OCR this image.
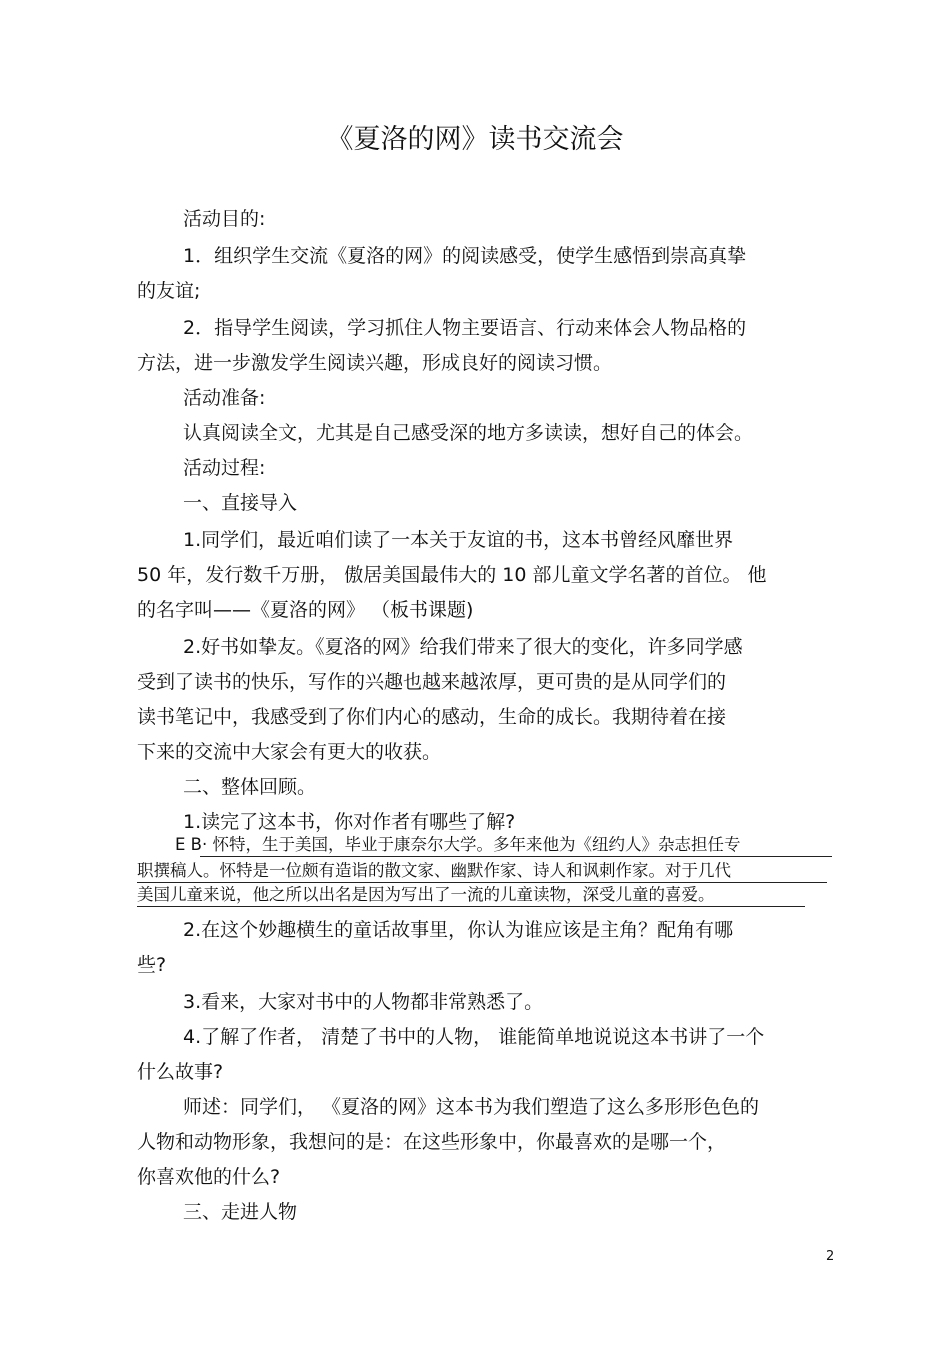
《夏洛的网》读书交流会
活动目的:
1．组织学生交流《夏洛的网》的阅读感受，使学生感悟到崇高真挚
的友谊;
2．指导学生阅读，学习抓住人物主要语言、行动来体会人物品格的
方法，进一步激发学生阅读兴趣，形成良好的阅读习惯。
活动准备:
认真阅读全文，尤其是自己感受深的地方多读读，想好自己的体会。
活动过程:
一、直接导入
1.同学们，最近咱们读了一本关于友谊的书，这本书曾经风靡世界
50 年，发行数千万册， 傲居美国最伟大的 10 部儿童文学名著的首位。 他
的名字叫——《夏洛的网》 （板书课题)
2.好书如挚友。《夏洛的网》给我们带来了很大的变化，许多同学感
受到了读书的快乐，写作的兴趣也越来越浓厚，更可贵的是从同学们的
读书笔记中，我感受到了你们内心的感动，生命的成长。我期待着在接
下来的交流中大家会有更大的收获。
二、整体回顾。
1.读完了这本书，你对作者有哪些了解?
E B· 怀特，生于美国，毕业于康奈尔大学。多年来他为《纽约人》杂志担任专
职撰稿人。怀特是一位颇有造诣的散文家、幽默作家、诗人和讽刺作家。对于几代
美国儿童来说，他之所以出名是因为写出了一流的儿童读物，深受儿童的喜爱。
2.在这个妙趣横生的童话故事里，你认为谁应该是主角？配角有哪
些?
3.看来，大家对书中的人物都非常熟悉了。
4.了解了作者， 清楚了书中的人物， 谁能简单地说说这本书讲了一个
什么故事?
师述：同学们， 《夏洛的网》这本书为我们塑造了这么多形形色色的
人物和动物形象，我想问的是：在这些形象中，你最喜欢的是哪一个，
你喜欢他的什么?
三、走进人物
2
